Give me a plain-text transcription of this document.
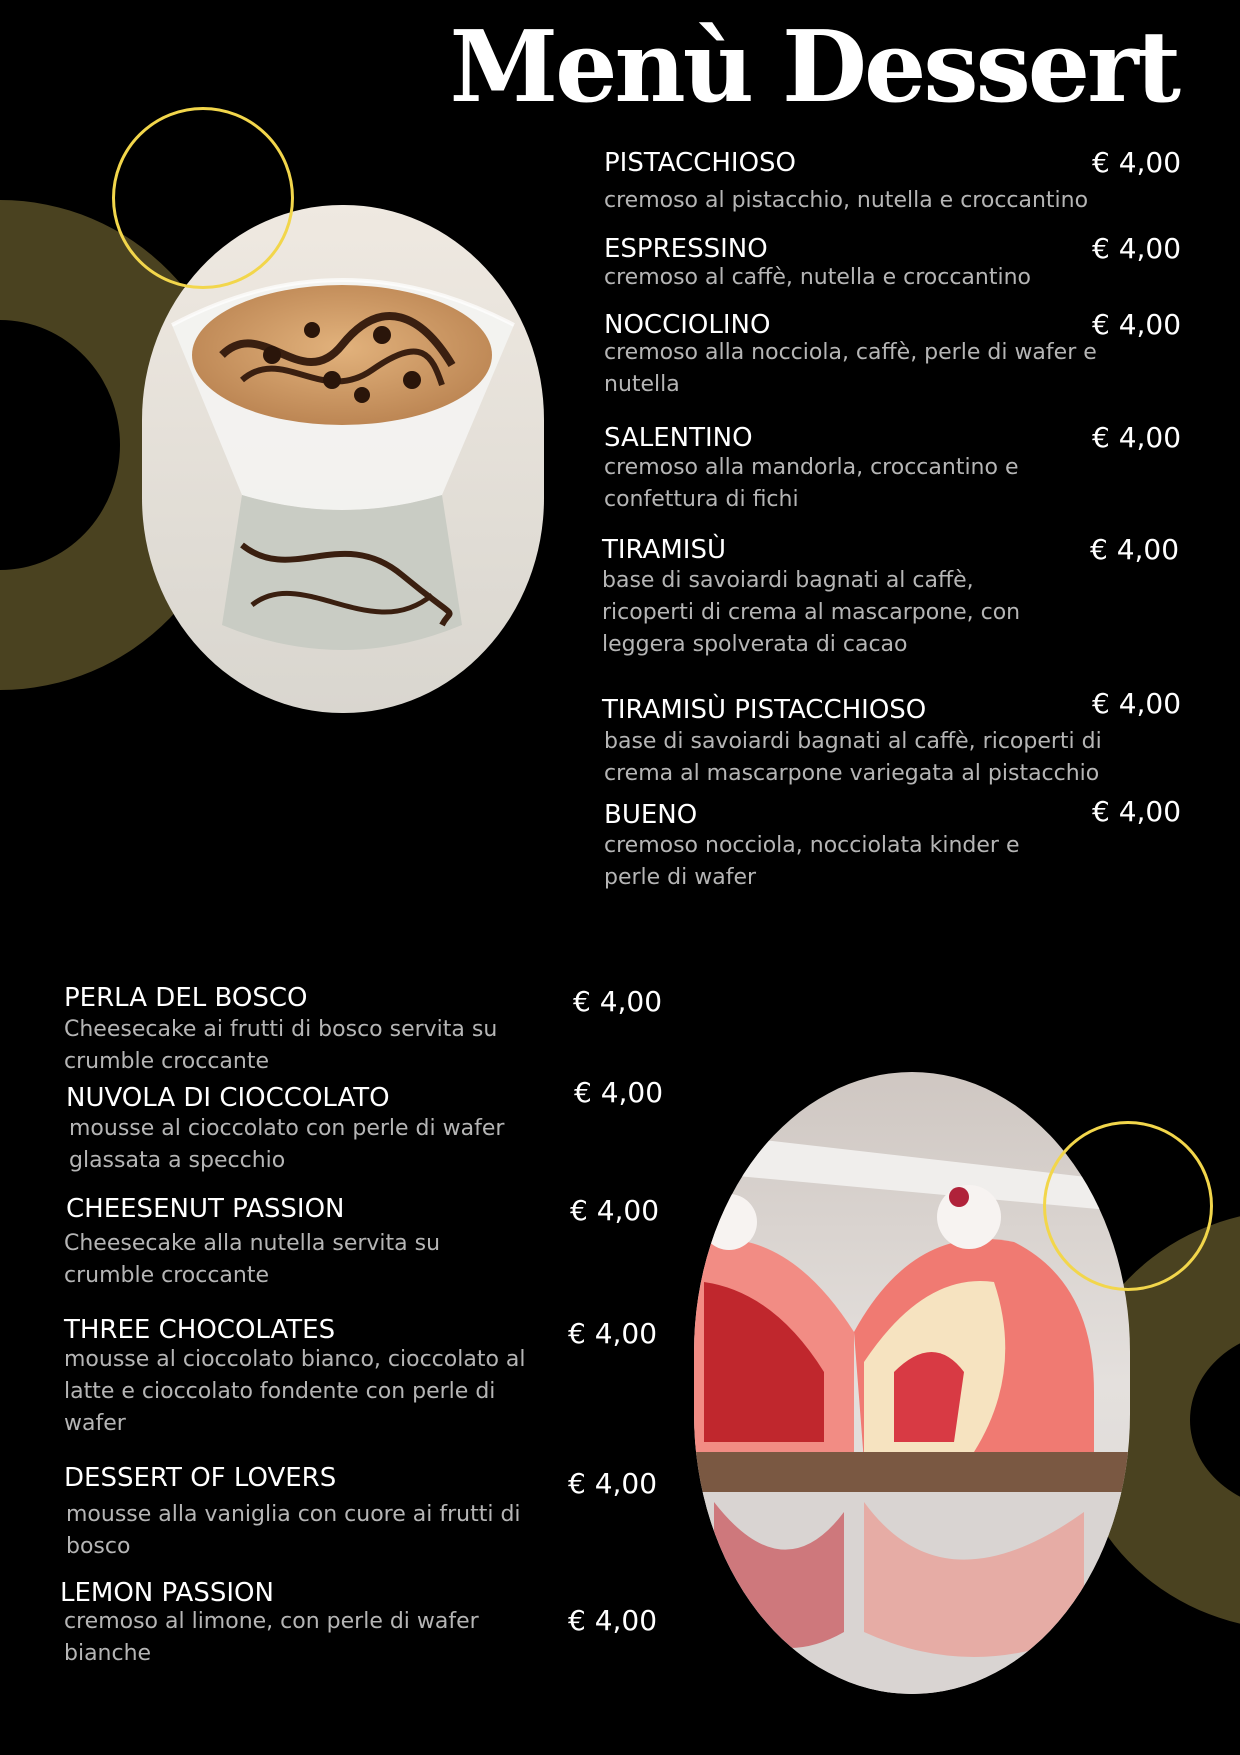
Menù Dessert
PISTACCHIOSO	€ 4,00
cremoso al pistacchio, nutella e croccantino
ESPRESSINO	€ 4,00
cremoso al caffè, nutella e croccantino
NOCCIOLINO	€ 4,00
cremoso alla nocciola, caffè, perle di wafer e nutella
SALENTINO	€ 4,00
cremoso alla mandorla, croccantino e confettura di fichi
TIRAMISÙ	€ 4,00
base di savoiardi bagnati al caffè, ricoperti di crema al mascarpone, con leggera spolverata di cacao
TIRAMISÙ PISTACCHIOSO	€ 4,00
base di savoiardi bagnati al caffè, ricoperti di crema al mascarpone variegata al pistacchio
BUENO	€ 4,00
cremoso nocciola, nocciolata kinder e perle di wafer
PERLA DEL BOSCO	€ 4,00
Cheesecake ai frutti di bosco servita su crumble croccante
NUVOLA DI CIOCCOLATO	€ 4,00
mousse al cioccolato con perle di wafer glassata a specchio
CHEESENUT PASSION	€ 4,00
Cheesecake alla nutella servita su crumble croccante
THREE CHOCOLATES	€ 4,00
mousse al cioccolato bianco, cioccolato al latte e cioccolato fondente con perle di wafer
DESSERT OF LOVERS	€ 4,00
mousse alla vaniglia con cuore ai frutti di bosco
LEMON PASSION
€ 4,00
cremoso al limone, con perle di wafer bianche
